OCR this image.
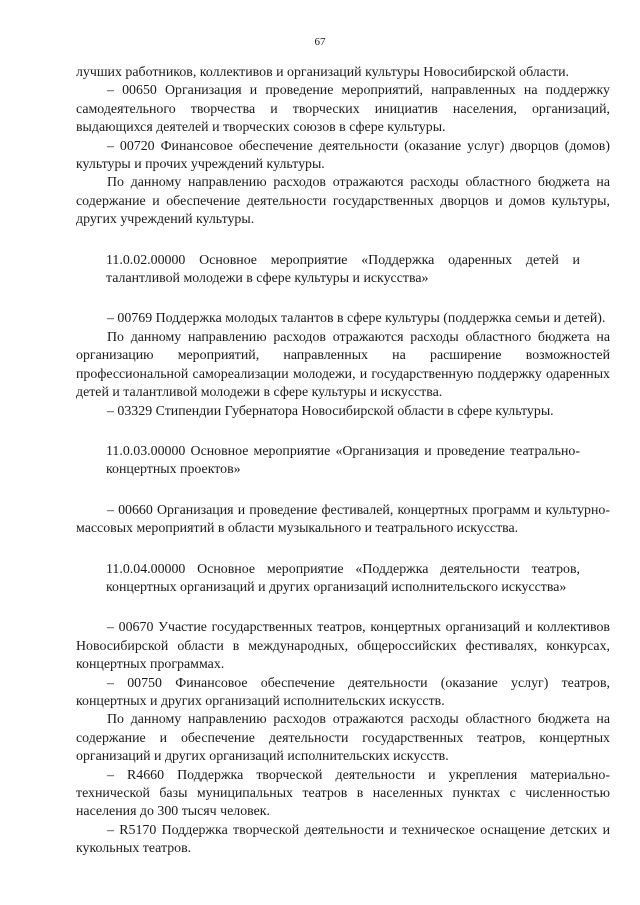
67

лучших работников, коллективов и организаций культуры Новосибирской области.

– 00650 Организация и проведение мероприятий, направленных на поддержку самодеятельного творчества и творческих инициатив населения, организаций, выдающихся деятелей и творческих союзов в сфере культуры.

– 00720 Финансовое обеспечение деятельности (оказание услуг) дворцов (домов) культуры и прочих учреждений культуры.

По данному направлению расходов отражаются расходы областного бюджета на содержание и обеспечение деятельности государственных дворцов и домов культуры, других учреждений культуры.

11.0.02.00000 Основное мероприятие «Поддержка одаренных детей и талантливой молодежи в сфере культуры и искусства»

– 00769 Поддержка молодых талантов в сфере культуры (поддержка семьи и детей).

По данному направлению расходов отражаются расходы областного бюджета на организацию мероприятий, направленных на расширение возможностей профессиональной самореализации молодежи, и государственную поддержку одаренных детей и талантливой молодежи в сфере культуры и искусства.

– 03329 Стипендии Губернатора Новосибирской области в сфере культуры.

11.0.03.00000 Основное мероприятие «Организация и проведение театрально-концертных проектов»

– 00660 Организация и проведение фестивалей, концертных программ и культурно-массовых мероприятий в области музыкального и театрального искусства.

11.0.04.00000 Основное мероприятие «Поддержка деятельности театров, концертных организаций и других организаций исполнительского искусства»

– 00670 Участие государственных театров, концертных организаций и коллективов Новосибирской области в международных, общероссийских фестивалях, конкурсах, концертных программах.

– 00750 Финансовое обеспечение деятельности (оказание услуг) театров, концертных и других организаций исполнительских искусств.

По данному направлению расходов отражаются расходы областного бюджета на содержание и обеспечение деятельности государственных театров, концертных организаций и других организаций исполнительских искусств.

– R4660 Поддержка творческой деятельности и укрепления материально-технической базы муниципальных театров в населенных пунктах с численностью населения до 300 тысяч человек.

– R5170 Поддержка творческой деятельности и техническое оснащение детских и кукольных театров.
